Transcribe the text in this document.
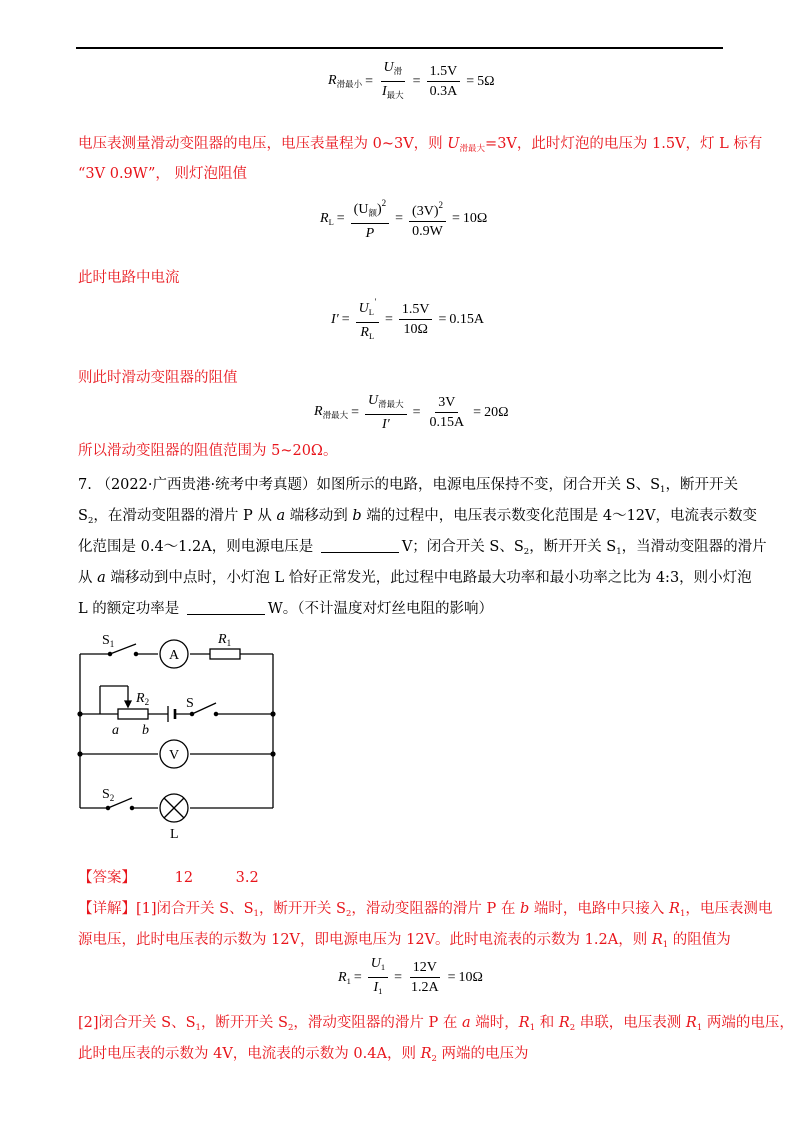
$R_{滑最小} = \frac{U_滑}{I_{最大}} = \frac{1.5V}{0.3A} = 5\Omega$
电压表测量滑动变阻器的电压，电压表量程为 0~3V，则 $U_{滑最大}=3V$，此时灯泡的电压为 1.5V，灯 L 标有
“3V 0.9W”， 则灯泡阻值
$R_L = \frac{(U_额)^2}{P} = \frac{(3V)^2}{0.9W} = 10\Omega$
此时电路中电流
$I' = \frac{U_L'}{R_L} = \frac{1.5V}{10\Omega} = 0.15A$
则此时滑动变阻器的阻值
$R_{滑最大} = \frac{U_{滑最大}}{I'} = \frac{3V}{0.15A} = 20\Omega$
所以滑动变阻器的阻值范围为 5~20Ω。
7. （2022·广西贵港·统考中考真题）如图所示的电路，电源电压保持不变，闭合开关 S、$S_1$，断开开关
$S_2$，在滑动变阻器的滑片 P 从 a 端移动到 b 端的过程中，电压表示数变化范围是 4～12V，电流表示数变
化范围是 0.4～1.2A，则电源电压是	V；闭合开关 S、$S_2$，断开开关 $S_1$，当滑动变阻器的滑片
从 a 端移动到中点时，小灯泡 L 恰好正常发光，此过程中电路最大功率和最小功率之比为 4:3，则小灯泡
L 的额定功率是	W。（不计温度对灯丝电阻的影响）
A
V
$S_1$	$R_1$
$R_2$	S
a b
$S_2$
L
【答案】	12	3.2
【详解】[1]闭合开关 S、$S_1$，断开开关 $S_2$，滑动变阻器的滑片 P 在 b 端时，电路中只接入 $R_1$，电压表测电
源电压，此时电压表的示数为 12V，即电源电压为 12V。此时电流表的示数为 1.2A，则 $R_1$ 的阻值为
$R_1 = \frac{U_1}{I_1} = \frac{12V}{1.2A} = 10\Omega$
[2]闭合开关 S、$S_1$，断开开关 $S_2$，滑动变阻器的滑片 P 在 a 端时，$R_1$ 和 $R_2$ 串联，电压表测 $R_1$ 两端的电压，
此时电压表的示数为 4V，电流表的示数为 0.4A，则 $R_2$ 两端的电压为
